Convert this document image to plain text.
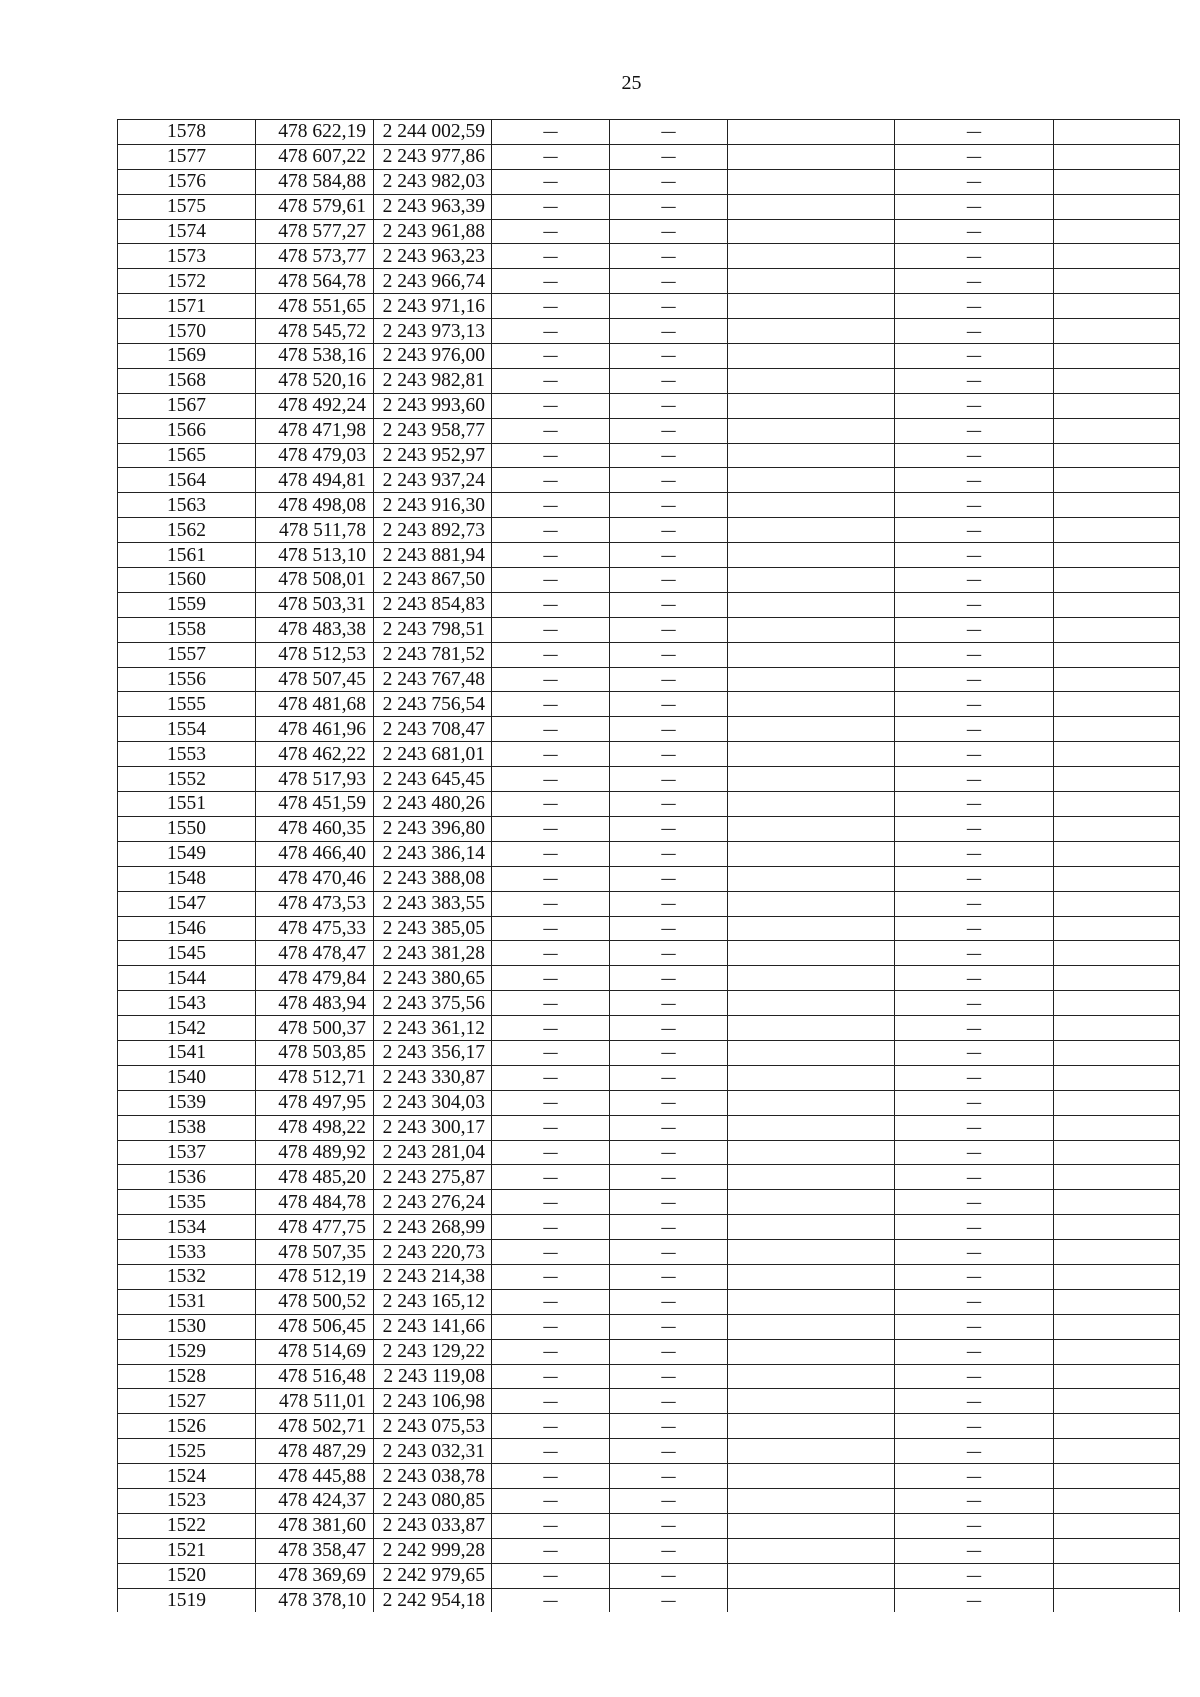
25
1578	478 622,19	2 244 002,59	—	—		—	
1577	478 607,22	2 243 977,86	—	—		—	
1576	478 584,88	2 243 982,03	—	—		—	
1575	478 579,61	2 243 963,39	—	—		—	
1574	478 577,27	2 243 961,88	—	—		—	
1573	478 573,77	2 243 963,23	—	—		—	
1572	478 564,78	2 243 966,74	—	—		—	
1571	478 551,65	2 243 971,16	—	—		—	
1570	478 545,72	2 243 973,13	—	—		—	
1569	478 538,16	2 243 976,00	—	—		—	
1568	478 520,16	2 243 982,81	—	—		—	
1567	478 492,24	2 243 993,60	—	—		—	
1566	478 471,98	2 243 958,77	—	—		—	
1565	478 479,03	2 243 952,97	—	—		—	
1564	478 494,81	2 243 937,24	—	—		—	
1563	478 498,08	2 243 916,30	—	—		—	
1562	478 511,78	2 243 892,73	—	—		—	
1561	478 513,10	2 243 881,94	—	—		—	
1560	478 508,01	2 243 867,50	—	—		—	
1559	478 503,31	2 243 854,83	—	—		—	
1558	478 483,38	2 243 798,51	—	—		—	
1557	478 512,53	2 243 781,52	—	—		—	
1556	478 507,45	2 243 767,48	—	—		—	
1555	478 481,68	2 243 756,54	—	—		—	
1554	478 461,96	2 243 708,47	—	—		—	
1553	478 462,22	2 243 681,01	—	—		—	
1552	478 517,93	2 243 645,45	—	—		—	
1551	478 451,59	2 243 480,26	—	—		—	
1550	478 460,35	2 243 396,80	—	—		—	
1549	478 466,40	2 243 386,14	—	—		—	
1548	478 470,46	2 243 388,08	—	—		—	
1547	478 473,53	2 243 383,55	—	—		—	
1546	478 475,33	2 243 385,05	—	—		—	
1545	478 478,47	2 243 381,28	—	—		—	
1544	478 479,84	2 243 380,65	—	—		—	
1543	478 483,94	2 243 375,56	—	—		—	
1542	478 500,37	2 243 361,12	—	—		—	
1541	478 503,85	2 243 356,17	—	—		—	
1540	478 512,71	2 243 330,87	—	—		—	
1539	478 497,95	2 243 304,03	—	—		—	
1538	478 498,22	2 243 300,17	—	—		—	
1537	478 489,92	2 243 281,04	—	—		—	
1536	478 485,20	2 243 275,87	—	—		—	
1535	478 484,78	2 243 276,24	—	—		—	
1534	478 477,75	2 243 268,99	—	—		—	
1533	478 507,35	2 243 220,73	—	—		—	
1532	478 512,19	2 243 214,38	—	—		—	
1531	478 500,52	2 243 165,12	—	—		—	
1530	478 506,45	2 243 141,66	—	—		—	
1529	478 514,69	2 243 129,22	—	—		—	
1528	478 516,48	2 243 119,08	—	—		—	
1527	478 511,01	2 243 106,98	—	—		—	
1526	478 502,71	2 243 075,53	—	—		—	
1525	478 487,29	2 243 032,31	—	—		—	
1524	478 445,88	2 243 038,78	—	—		—	
1523	478 424,37	2 243 080,85	—	—		—	
1522	478 381,60	2 243 033,87	—	—		—	
1521	478 358,47	2 242 999,28	—	—		—	
1520	478 369,69	2 242 979,65	—	—		—	
1519	478 378,10	2 242 954,18	—	—		—	
